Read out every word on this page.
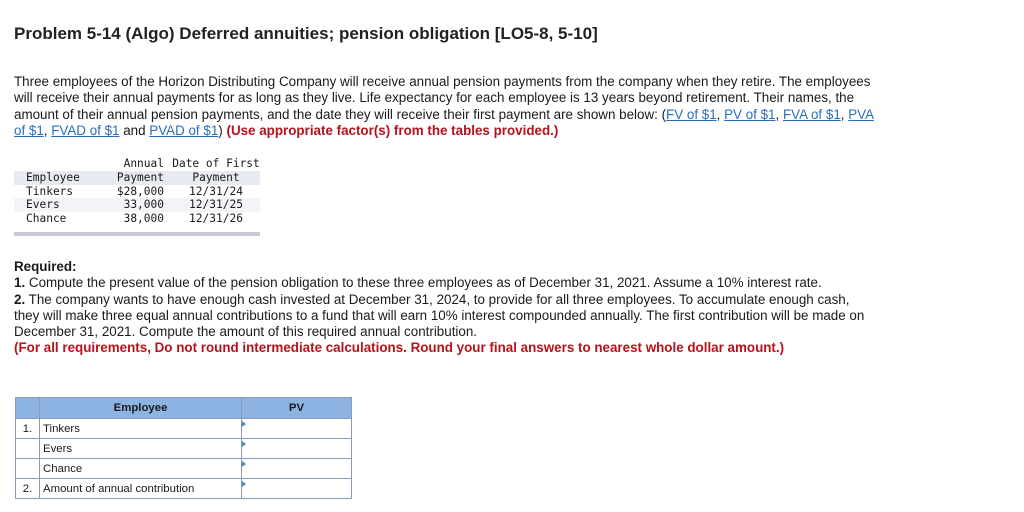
Problem 5-14 (Algo) Deferred annuities; pension obligation [LO5-8, 5-10]
Three employees of the Horizon Distributing Company will receive annual pension payments from the company when they retire. The employees will receive their annual payments for as long as they live. Life expectancy for each employee is 13 years beyond retirement. Their names, the amount of their annual pension payments, and the date they will receive their first payment are shown below: (FV of $1, PV of $1, FVA of $1, PVA of $1, FVAD of $1 and PVAD of $1) (Use appropriate factor(s) from the tables provided.)
	Annual	Date of First
Employee	Payment	Payment
Tinkers	$28,000	12/31/24
Evers	33,000	12/31/25
Chance	38,000	12/31/26
Required:
1. Compute the present value of the pension obligation to these three employees as of December 31, 2021. Assume a 10% interest rate.
2. The company wants to have enough cash invested at December 31, 2024, to provide for all three employees. To accumulate enough cash, they will make three equal annual contributions to a fund that will earn 10% interest compounded annually. The first contribution will be made on December 31, 2021. Compute the amount of this required annual contribution.
(For all requirements, Do not round intermediate calculations. Round your final answers to nearest whole dollar amount.)
	Employee	PV
1.	Tinkers	

	Evers	

	Chance	

2.	Amount of annual contribution	
